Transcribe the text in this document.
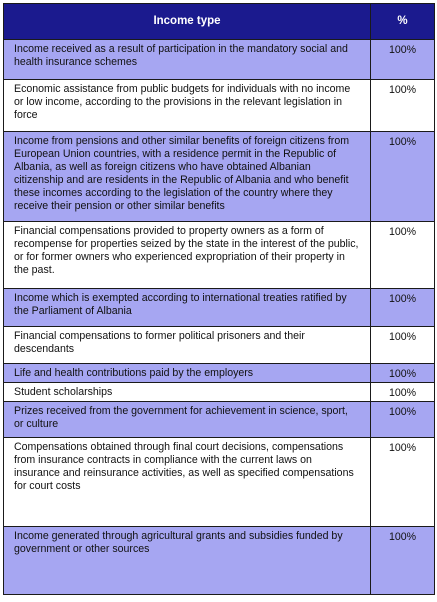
Income type	%
Income received as a result of participation in the mandatory social and health insurance schemes	100%
Economic assistance from public budgets for individuals with no income or low income, according to the provisions in the relevant legislation in force	100%
Income from pensions and other similar benefits of foreign citizens from European Union countries, with a residence permit in the Republic of Albania, as well as foreign citizens who have obtained Albanian citizenship and are residents in the Republic of Albania and who benefit these incomes according to the legislation of the country where they receive their pension or other similar benefits	100%
Financial compensations provided to property owners as a form of recompense for properties seized by the state in the interest of the public, or for former owners who experienced expropriation of their property in the past.	100%
Income which is exempted according to international treaties ratified by the Parliament of Albania	100%
Financial compensations to former political prisoners and their descendants	100%
Life and health contributions paid by the employers	100%
Student scholarships	100%
Prizes received from the government for achievement in science, sport, or culture	100%
Compensations obtained through final court decisions, compensations from insurance contracts in compliance with the current laws on insurance and reinsurance activities, as well as specified compensations for court costs	100%
Income generated through agricultural grants and subsidies funded by government or other sources	100%
